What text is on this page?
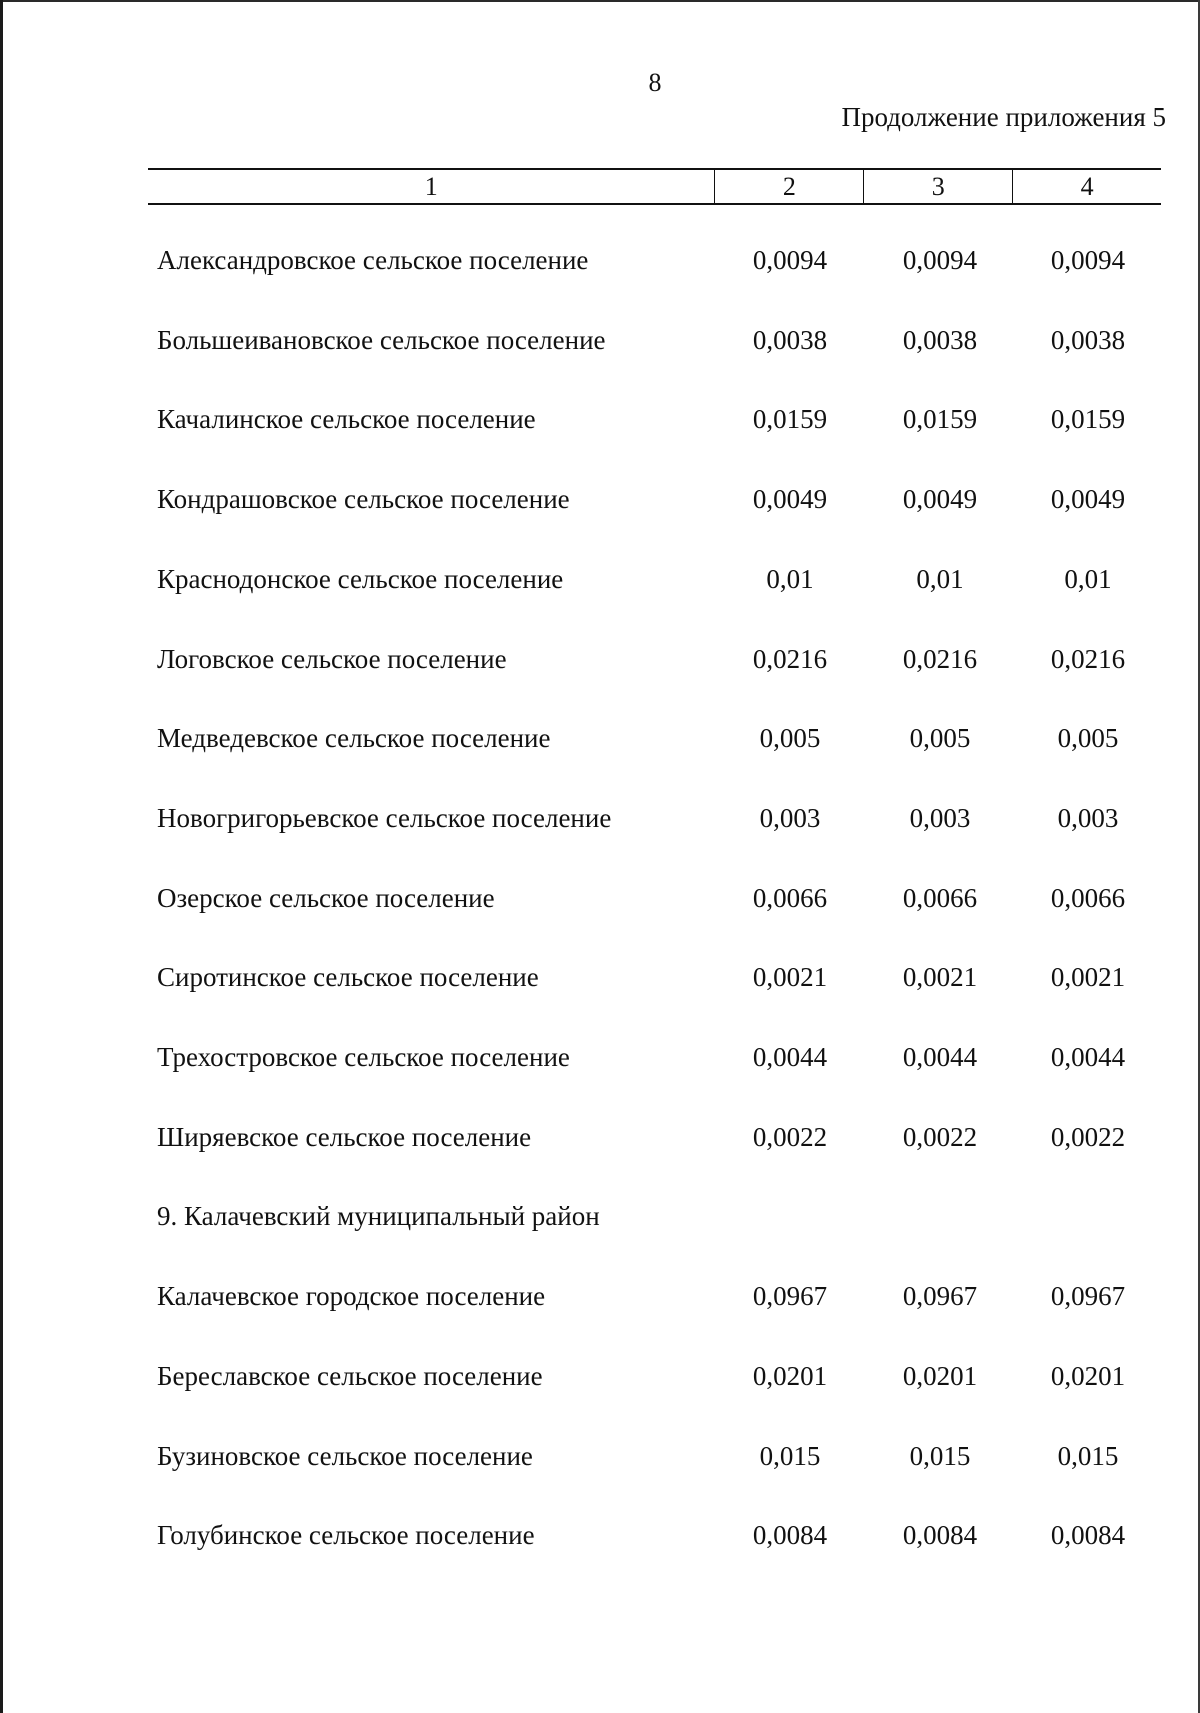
8
Продолжение приложения 5
1	2	3	4
Александровское сельское поселение	0,0094	0,0094	0,0094
Большеивановское сельское поселение	0,0038	0,0038	0,0038
Качалинское сельское поселение	0,0159	0,0159	0,0159
Кондрашовское сельское поселение	0,0049	0,0049	0,0049
Краснодонское сельское поселение	0,01	0,01	0,01
Логовское сельское поселение	0,0216	0,0216	0,0216
Медведевское сельское поселение	0,005	0,005	0,005
Новогригорьевское сельское поселение	0,003	0,003	0,003
Озерское сельское поселение	0,0066	0,0066	0,0066
Сиротинское сельское поселение	0,0021	0,0021	0,0021
Трехостровское сельское поселение	0,0044	0,0044	0,0044
Ширяевское сельское поселение	0,0022	0,0022	0,0022
9. Калачевский муниципальный район
Калачевское городское поселение	0,0967	0,0967	0,0967
Береславское сельское поселение	0,0201	0,0201	0,0201
Бузиновское сельское поселение	0,015	0,015	0,015
Голубинское сельское поселение	0,0084	0,0084	0,0084
